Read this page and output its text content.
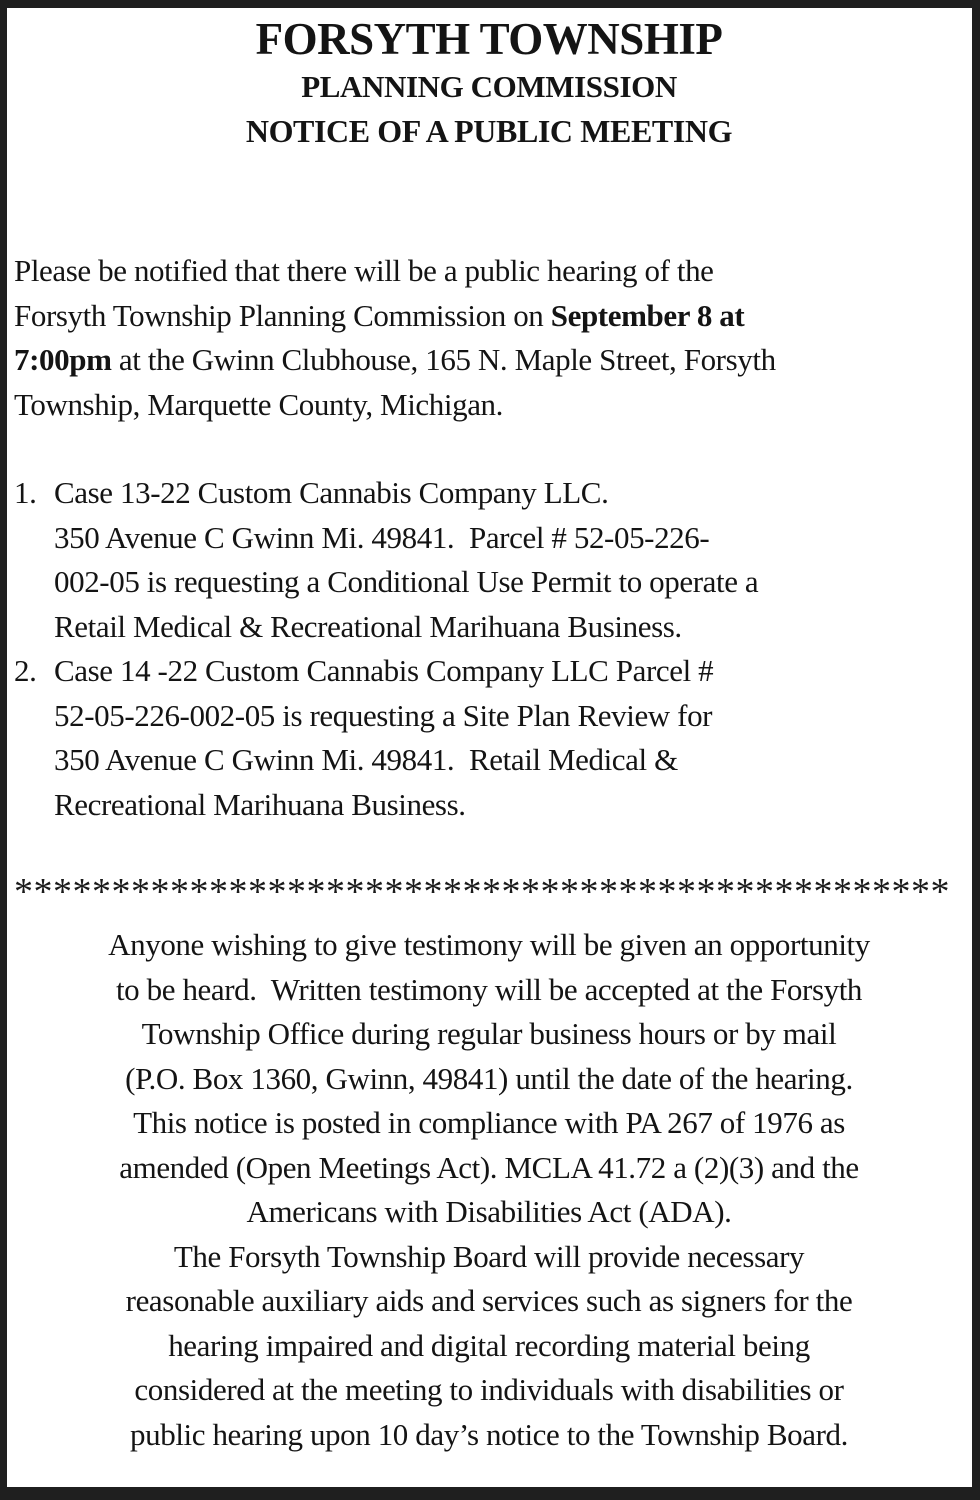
FORSYTH TOWNSHIP
PLANNING COMMISSION
NOTICE OF A PUBLIC MEETING
Please be notified that there will be a public hearing of the
Forsyth Township Planning Commission on September 8 at
7:00pm at the Gwinn Clubhouse, 165 N. Maple Street, Forsyth
Township, Marquette County, Michigan.
1. Case 13-22 Custom Cannabis Company LLC.
350 Avenue C Gwinn Mi. 49841.  Parcel # 52-05-226-
002-05 is requesting a Conditional Use Permit to operate a
Retail Medical & Recreational Marihuana Business.
2. Case 14 -22 Custom Cannabis Company LLC Parcel #
52-05-226-002-05 is requesting a Site Plan Review for
350 Avenue C Gwinn Mi. 49841.  Retail Medical &
Recreational Marihuana Business.
************************************************
Anyone wishing to give testimony will be given an opportunity
to be heard.  Written testimony will be accepted at the Forsyth
Township Office during regular business hours or by mail
(P.O. Box 1360, Gwinn, 49841) until the date of the hearing.
This notice is posted in compliance with PA 267 of 1976 as
amended (Open Meetings Act). MCLA 41.72 a (2)(3) and the
Americans with Disabilities Act (ADA).
The Forsyth Township Board will provide necessary
reasonable auxiliary aids and services such as signers for the
hearing impaired and digital recording material being
considered at the meeting to individuals with disabilities or
public hearing upon 10 day’s notice to the Township Board.
